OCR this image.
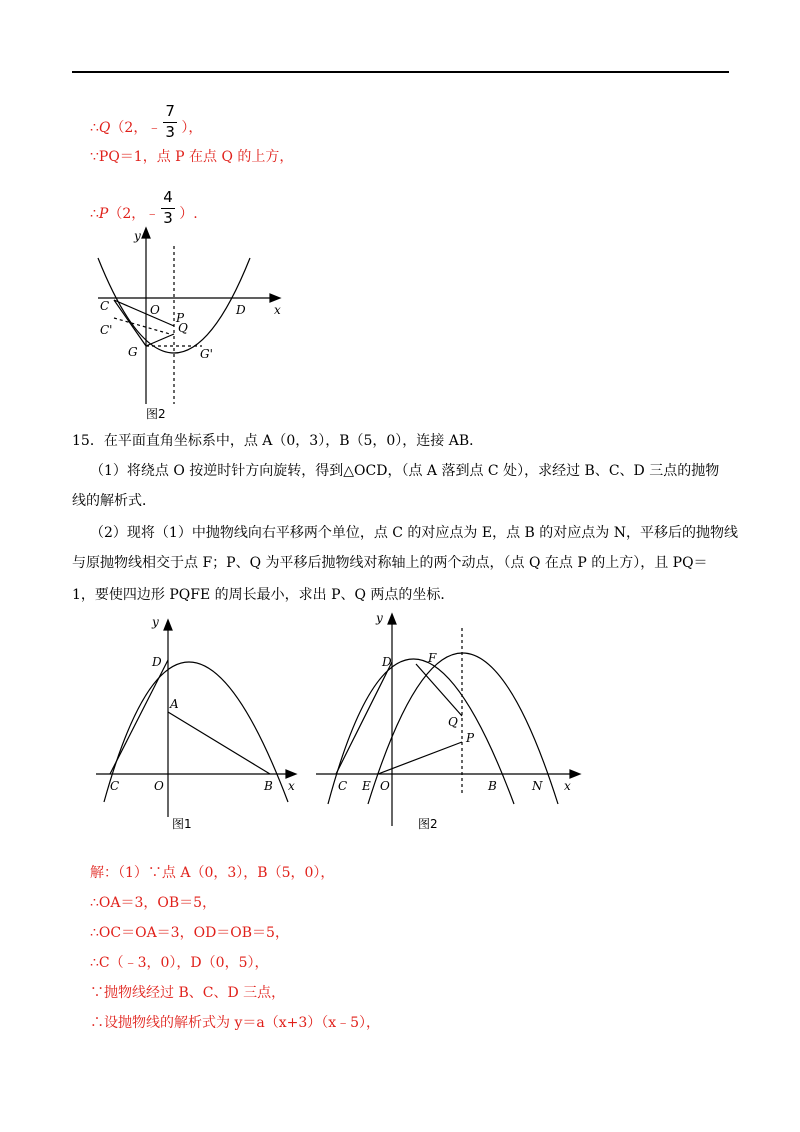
∴Q（2，﹣ $\frac{7}{3}$ ），
∵PQ＝1，点 P 在点 Q 的上方，
∴P（2，﹣ $\frac{4}{3}$ ）.
y
x
C	O	D
P
Q
C'
G	G'
图2
15．在平面直角坐标系中，点 A（0，3），B（5，0），连接 AB．
（1）将绕点 O 按逆时针方向旋转，得到△OCD，（点 A 落到点 C 处），求经过 B、C、D 三点的抛物
线的解析式．
（2）现将（1）中抛物线向右平移两个单位，点 C 的对应点为 E，点 B 的对应点为 N，平移后的抛物线
与原抛物线相交于点 F；P、Q 为平移后抛物线对称轴上的两个动点，（点 Q 在点 P 的上方），且 PQ＝
1，要使四边形 PQFE 的周长最小，求出 P、Q 两点的坐标．
y
x
D
A
C	O	B
图1
y
x
D	F
Q
P
C E O	B	N
图2
解：（1）∵点 A（0，3），B（5，0），
∴OA＝3，OB＝5，
∴OC＝OA＝3，OD＝OB＝5，
∴C（﹣3，0），D（0，5），
∵抛物线经过 B、C、D 三点，
∴设抛物线的解析式为 y＝a（x+3）（x﹣5），
